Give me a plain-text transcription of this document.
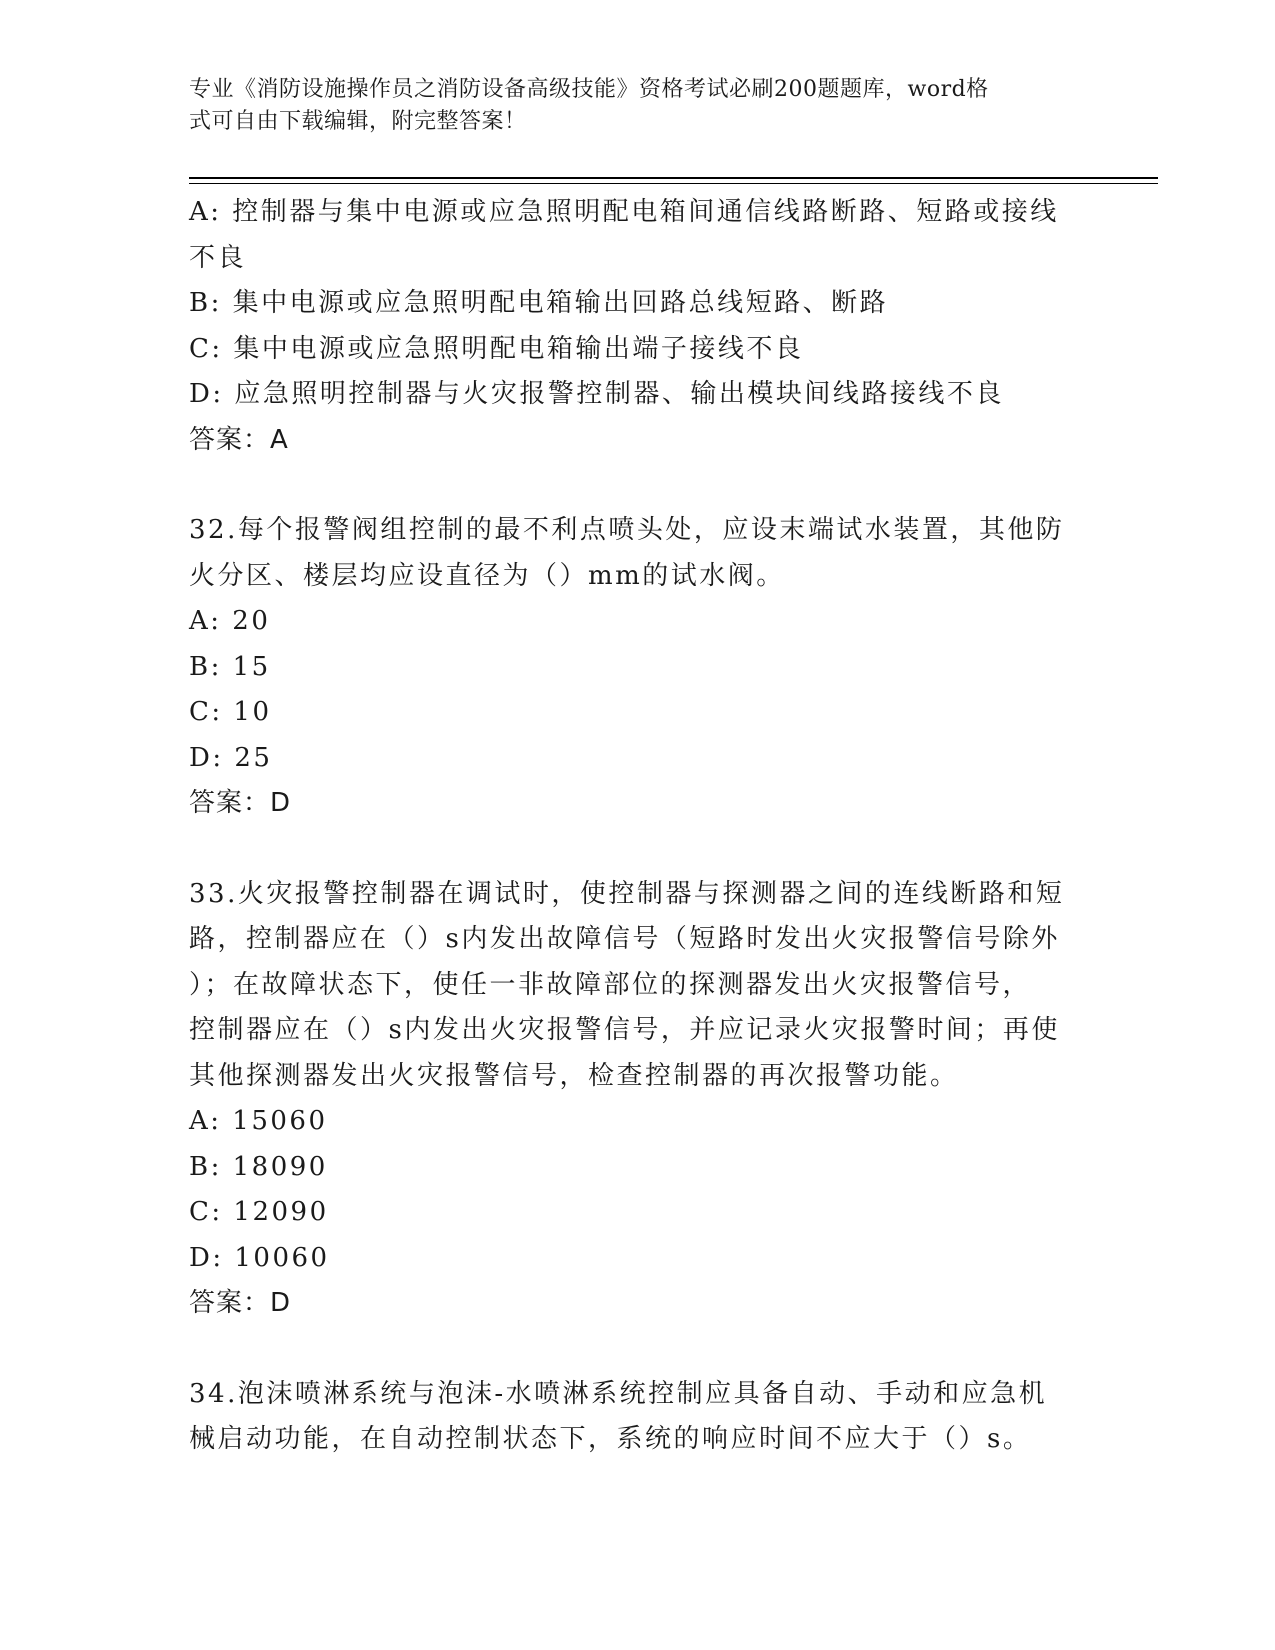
专业《消防设施操作员之消防设备高级技能》资格考试必刷200题题库，word格
式可自由下载编辑，附完整答案！
A: 控制器与集中电源或应急照明配电箱间通信线路断路、短路或接线
不良
B: 集中电源或应急照明配电箱输出回路总线短路、断路
C: 集中电源或应急照明配电箱输出端子接线不良
D: 应急照明控制器与火灾报警控制器、输出模块间线路接线不良
答案：A
32.每个报警阀组控制的最不利点喷头处，应设末端试水装置，其他防
火分区、楼层均应设直径为（）mm的试水阀。
A: 20
B: 15
C: 10
D: 25
答案：D
33.火灾报警控制器在调试时，使控制器与探测器之间的连线断路和短
路，控制器应在（）s内发出故障信号（短路时发出火灾报警信号除外
）；在故障状态下，使任一非故障部位的探测器发出火灾报警信号，
控制器应在（）s内发出火灾报警信号，并应记录火灾报警时间；再使
其他探测器发出火灾报警信号，检查控制器的再次报警功能。
A: 15060
B: 18090
C: 12090
D: 10060
答案：D
34.泡沫喷淋系统与泡沫-水喷淋系统控制应具备自动、手动和应急机
械启动功能，在自动控制状态下，系统的响应时间不应大于（）s。
